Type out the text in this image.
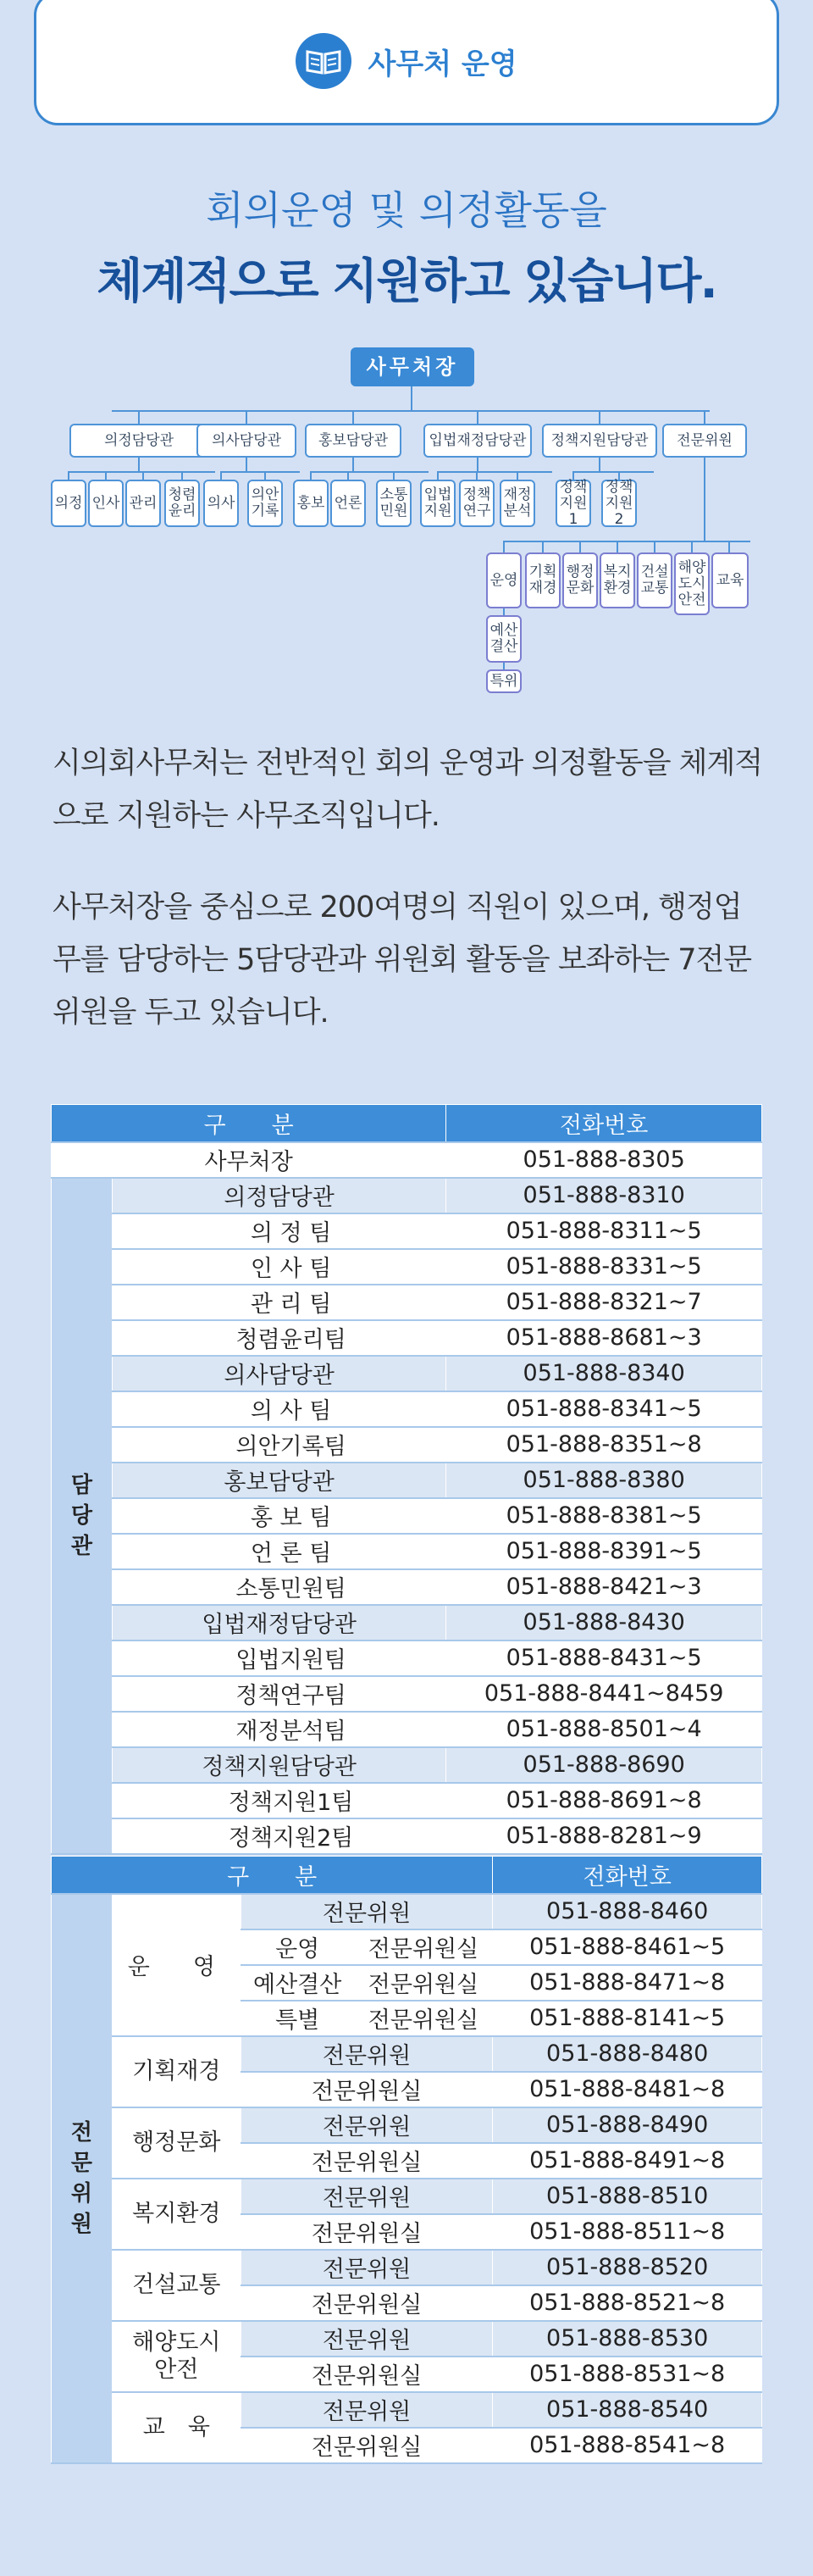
사무처 운영
회의운영 및 의정활동을
체계적으로 지원하고 있습니다.
사무처장
의정담당관	의사담당관	홍보담당관	입법재정담당관	정책지원담당관	전문위원
의정 인사 관리 청렴
윤리 의사 의안
기록 홍보 언론 소통
민원
입법
지원
정책
연구
재정
분석
정책
지원1
정책
지원2
운영 기획
재경
행정
문화
복지
환경
건설
교통
해양
도시
안전
교육
예산
결산
특위
시의회사무처는 전반적인 회의 운영과 의정활동을 체계적으로 지원하는 사무조직입니다.
사무처장을 중심으로 200여명의 직원이 있으며, 행정업무를 담당하는 5담당관과 위원회 활동을 보좌하는 7전문위원을 두고 있습니다.
구　　분			전화번호
사무처장			051-888-8305
담
당
관	의정담당관		051-888-8310
		의 정 팀	051-888-8311~5
		인 사 팀	051-888-8331~5
		관 리 팀	051-888-8321~7
		청렴윤리팀	051-888-8681~3
	의사담당관		051-888-8340
		의 사 팀	051-888-8341~5
		의안기록팀	051-888-8351~8
	홍보담당관		051-888-8380
		홍 보 팀	051-888-8381~5
		언 론 팀	051-888-8391~5
		소통민원팀	051-888-8421~3
	입법재정담당관		051-888-8430
		입법지원팀	051-888-8431~5
		정책연구팀	051-888-8441~8459
		재정분석팀	051-888-8501~4
	정책지원담당관		051-888-8690
		정책지원1팀	051-888-8691~8
		정책지원2팀	051-888-8281~9
구　　분				전화번호
전
문
위
원	운　영	전문위원		051-888-8460
		운영	전문위원실	051-888-8461~5
		예산결산	전문위원실	051-888-8471~8
		특별	전문위원실	051-888-8141~5
	기획재경	전문위원		051-888-8480
		전문위원실		051-888-8481~8
	행정문화	전문위원		051-888-8490
		전문위원실		051-888-8491~8
	복지환경	전문위원		051-888-8510
		전문위원실		051-888-8511~8
	건설교통	전문위원		051-888-8520
		전문위원실		051-888-8521~8
	해양도시
안전	전문위원		051-888-8530
		전문위원실		051-888-8531~8
	교　육	전문위원		051-888-8540
		전문위원실		051-888-8541~8
